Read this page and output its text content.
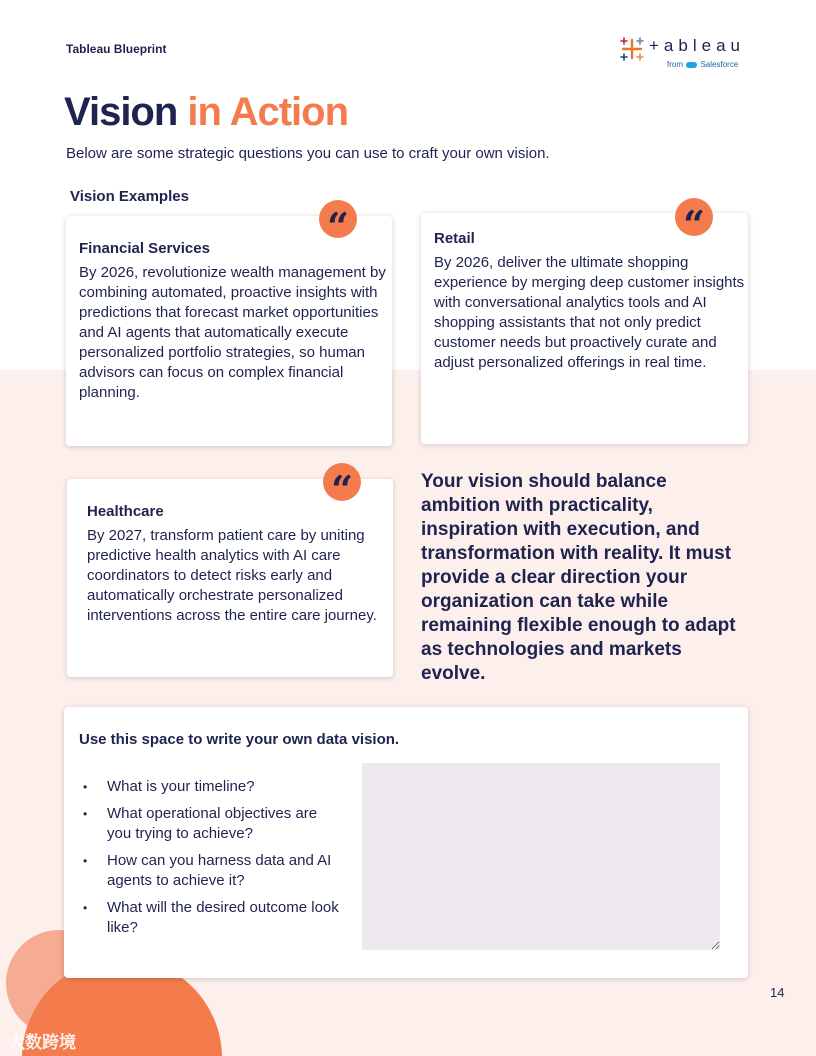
Tableau Blueprint	+ableau
from Salesforce
Vision in Action
Below are some strategic questions you can use to craft your own vision.
Vision Examples
Financial Services

By 2026, revolutionize wealth management by combining automated, proactive insights with predictions that forecast market opportunities and AI agents that automatically execute personalized portfolio strategies, so human advisors can focus on complex financial planning.

“	Retail

By 2026, deliver the ultimate shopping experience by merging deep customer insights with conversational analytics tools and AI shopping assistants that not only predict customer needs but proactively curate and adjust personalized offerings in real time.

“
Healthcare

By 2027, transform patient care by uniting predictive health analytics with AI care coordinators to detect risks early and automatically orchestrate personalized interventions across the entire care journey.

“	Your vision should balance ambition with practicality, inspiration with execution, and transformation with reality. It must provide a clear direction your organization can take while remaining flexible enough to adapt as technologies and markets evolve.
Use this space to write your own data vision.
• What is your timeline?
• What operational objectives are you trying to achieve?
• How can you harness data and AI agents to achieve it?
• What will the desired outcome look like?
14
大数跨境
